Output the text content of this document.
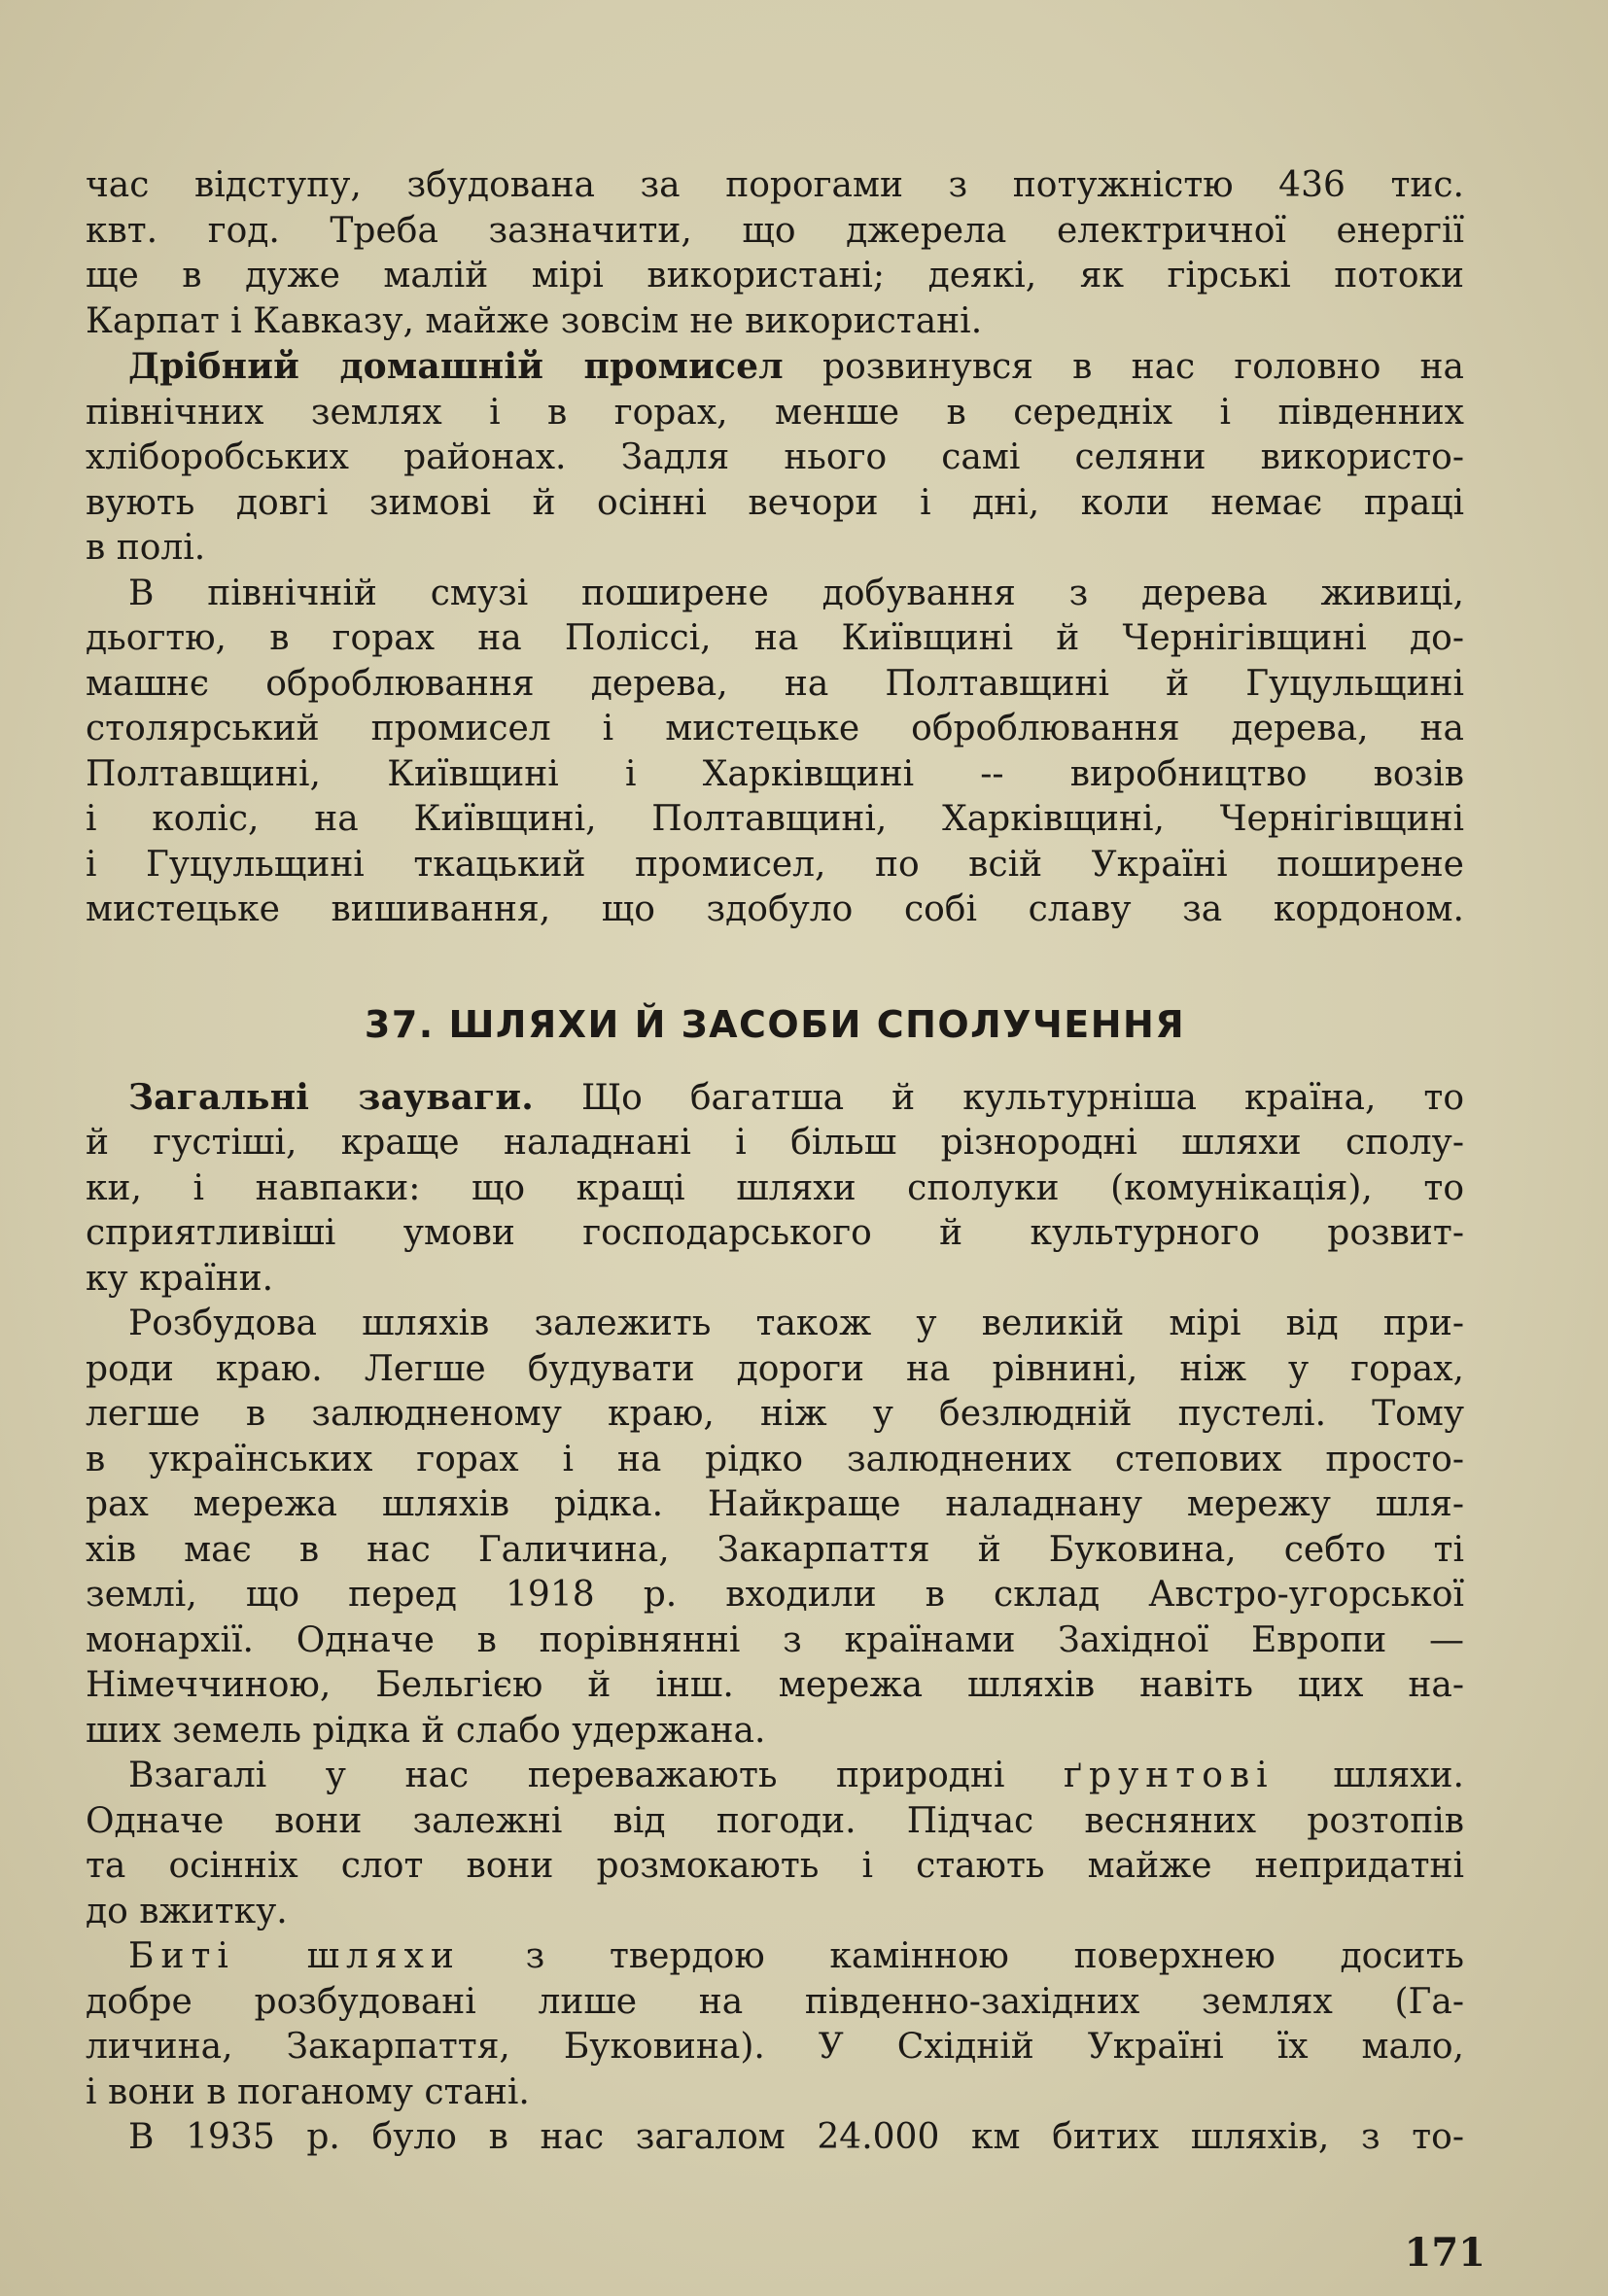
час відступу, збудована за порогами з потужністю 436 тис.

квт. год. Треба зазначити, що джерела електричної енергії

ще в дуже малій мірі використані; деякі, як гірські потоки

Карпат і Кавказу, майже зовсім не використані.

Дрібний домашній промисел розвинувся в нас головно на

північних землях і в горах, менше в середніх і південних

хліборобських районах. Задля нього самі селяни використо-

вують довгі зимові й осінні вечори і дні, коли немає праці

в полі.

В північній смузі поширене добування з дерева живиці,

дьогтю, в горах на Поліссі, на Київщині й Чернігівщині до-

машнє оброблювання дерева, на Полтавщині й Гуцульщині

столярський промисел і мистецьке оброблювання дерева, на

Полтавщині, Київщині і Харківщині -- виробництво возів

і коліс, на Київщині, Полтавщині, Харківщині, Чернігівщині

і Гуцульщині ткацький промисел, по всій Україні поширене

мистецьке вишивання, що здобуло собі славу за кордоном.

37. ШЛЯХИ Й ЗАСОБИ СПОЛУЧЕННЯ

Загальні зауваги. Що багатша й культурніша країна, то

й густіші, краще наладнані і більш різнородні шляхи сполу-

ки, і навпаки: що кращі шляхи сполуки (комунікація), то

сприятливіші умови господарського й культурного розвит-

ку країни.

Розбудова шляхів залежить також у великій мірі від при-

роди краю. Легше будувати дороги на рівнині, ніж у горах,

легше в залюдненому краю, ніж у безлюдній пустелі. Тому

в українських горах і на рідко залюднених степових просто-

рах мережа шляхів рідка. Найкраще наладнану мережу шля-

хів має в нас Галичина, Закарпаття й Буковина, себто ті

землі, що перед 1918 р. входили в склад Австро-угорської

монархії. Одначе в порівнянні з країнами Західної Европи —

Німеччиною, Бельгією й інш. мережа шляхів навіть цих на-

ших земель рідка й слабо удержана.

Взагалі у нас переважають природні ґрунтові шляхи.

Одначе вони залежні від погоди. Підчас весняних розтопів

та осінніх слот вони розмокають і стають майже непридатні

до вжитку.

Биті шляхи з твердою камінною поверхнею досить

добре розбудовані лише на південно-західних землях (Га-

личина, Закарпаття, Буковина). У Східній Україні їх мало,

і вони в поганому стані.

В 1935 р. було в нас загалом 24.000 км битих шляхів, з то-

171
